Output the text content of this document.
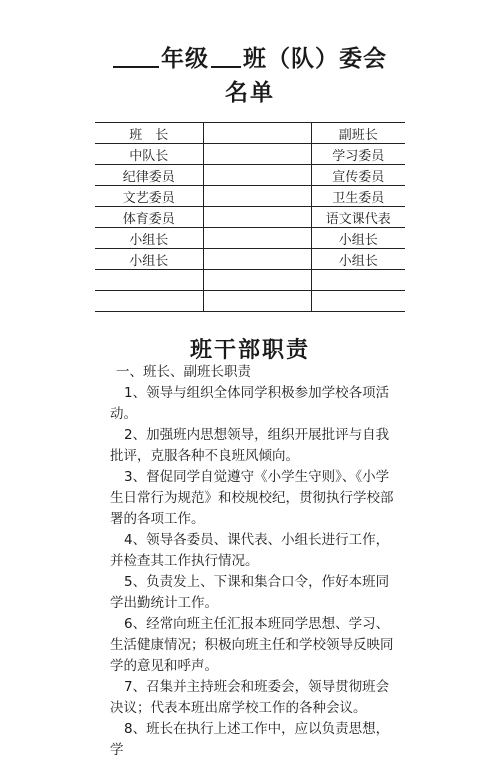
年级 班（队）委会
名单
班　长		副班长
中队长		学习委员
纪律委员		宣传委员
文艺委员		卫生委员
体育委员		语文课代表
小组长		小组长
小组长		小组长

班干部职责

一、班长、副班长职责

1、领导与组织全体同学积极参加学校各项活动。

2、加强班内思想领导，组织开展批评与自我批评，克服各种不良班风倾向。

3、督促同学自觉遵守《小学生守则》、《小学生日常行为规范》和校规校纪，贯彻执行学校部署的各项工作。

4、领导各委员、课代表、小组长进行工作，并检查其工作执行情况。

5、负责发上、下课和集合口令，作好本班同学出勤统计工作。

6、经常向班主任汇报本班同学思想、学习、生活健康情况；积极向班主任和学校领导反映同学的意见和呼声。

7、召集并主持班会和班委会，领导贯彻班会决议；代表本班出席学校工作的各种会议。

8、班长在执行上述工作中，应以负责思想，学
